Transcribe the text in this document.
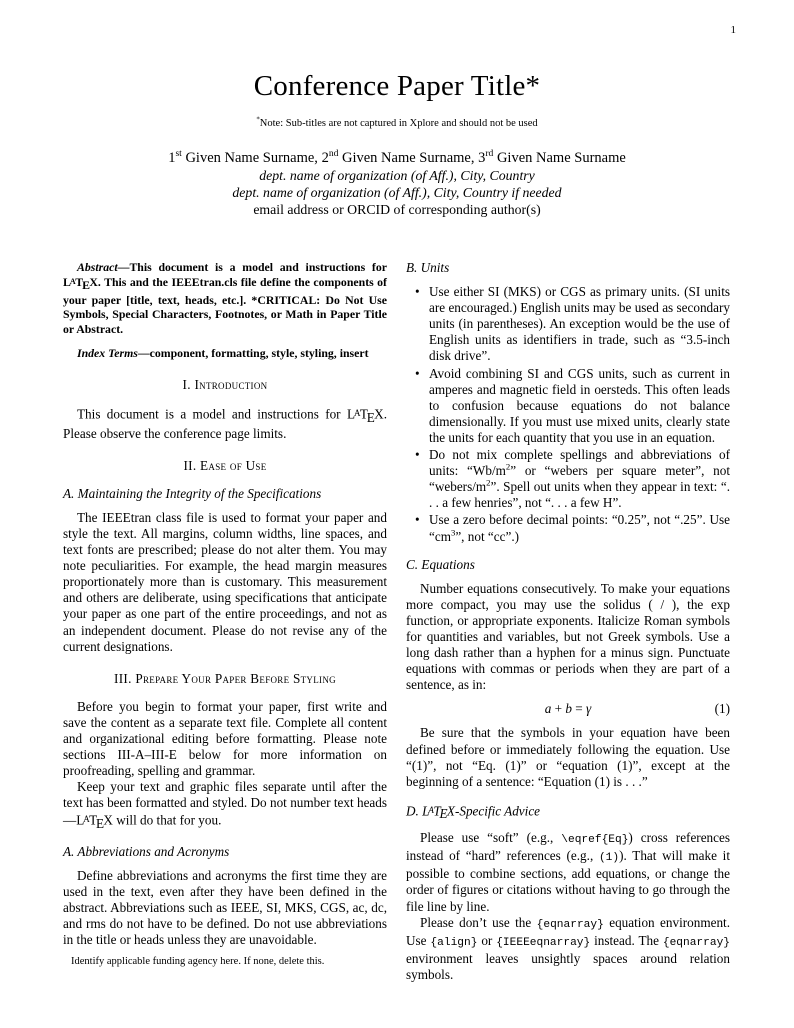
1
Conference Paper Title*
*Note: Sub-titles are not captured in Xplore and should not be used
1st Given Name Surname, 2nd Given Name Surname, 3rd Given Name Surname
dept. name of organization (of Aff.), City, Country
dept. name of organization (of Aff.), City, Country if needed
email address or ORCID of corresponding author(s)

Abstract—This document is a model and instructions for LATEX. This and the IEEEtran.cls file define the components of your paper [title, text, heads, etc.]. *CRITICAL: Do Not Use Symbols, Special Characters, Footnotes, or Math in Paper Title or Abstract.

Index Terms—component, formatting, style, styling, insert

I. Introduction

This document is a model and instructions for LATEX. Please observe the conference page limits.

II. Ease of Use
A. Maintaining the Integrity of the Specifications

The IEEEtran class file is used to format your paper and style the text. All margins, column widths, line spaces, and text fonts are prescribed; please do not alter them. You may note peculiarities. For example, the head margin measures proportionately more than is customary. This measurement and others are deliberate, using specifications that anticipate your paper as one part of the entire proceedings, and not as an independent document. Please do not revise any of the current designations.

III. Prepare Your Paper Before Styling

Before you begin to format your paper, first write and save the content as a separate text file. Complete all content and organizational editing before formatting. Please note sections III-A–III-E below for more information on proofreading, spelling and grammar.

Keep your text and graphic files separate until after the text has been formatted and styled. Do not number text heads—LATEX will do that for you.

A. Abbreviations and Acronyms

Define abbreviations and acronyms the first time they are used in the text, even after they have been defined in the abstract. Abbreviations such as IEEE, SI, MKS, CGS, ac, dc, and rms do not have to be defined. Do not use abbreviations in the title or heads unless they are unavoidable.

B. Units
• Use either SI (MKS) or CGS as primary units. (SI units are encouraged.) English units may be used as secondary units (in parentheses). An exception would be the use of English units as identifiers in trade, such as “3.5-inch disk drive”.
• Avoid combining SI and CGS units, such as current in amperes and magnetic field in oersteds. This often leads to confusion because equations do not balance dimensionally. If you must use mixed units, clearly state the units for each quantity that you use in an equation.
• Do not mix complete spellings and abbreviations of units: “$Wb/m^2$” or “webers per square meter”, not “$webers/m^2$”. Spell out units when they appear in text: “. . . a few henries”, not “. . . a few H”.
• Use a zero before decimal points: “0.25”, not “.25”. Use “$cm^3$”, not “cc”.)
C. Equations

Number equations consecutively. To make your equations more compact, you may use the solidus ( / ), the exp function, or appropriate exponents. Italicize Roman symbols for quantities and variables, but not Greek symbols. Use a long dash rather than a hyphen for a minus sign. Punctuate equations with commas or periods when they are part of a sentence, as in:

a + b = γ	(1)

Be sure that the symbols in your equation have been defined before or immediately following the equation. Use “(1)”, not “Eq. (1)” or “equation (1)”, except at the beginning of a sentence: “Equation (1) is . . .”

D. LATEX-Specific Advice

Please use “soft” (e.g., \eqref{Eq}) cross references instead of “hard” references (e.g., (1)). That will make it possible to combine sections, add equations, or change the order of figures or citations without having to go through the file line by line.

Please don’t use the {eqnarray} equation environment. Use {align} or {IEEEeqnarray} instead. The {eqnarray} environment leaves unsightly spaces around relation symbols.

Identify applicable funding agency here. If none, delete this.
